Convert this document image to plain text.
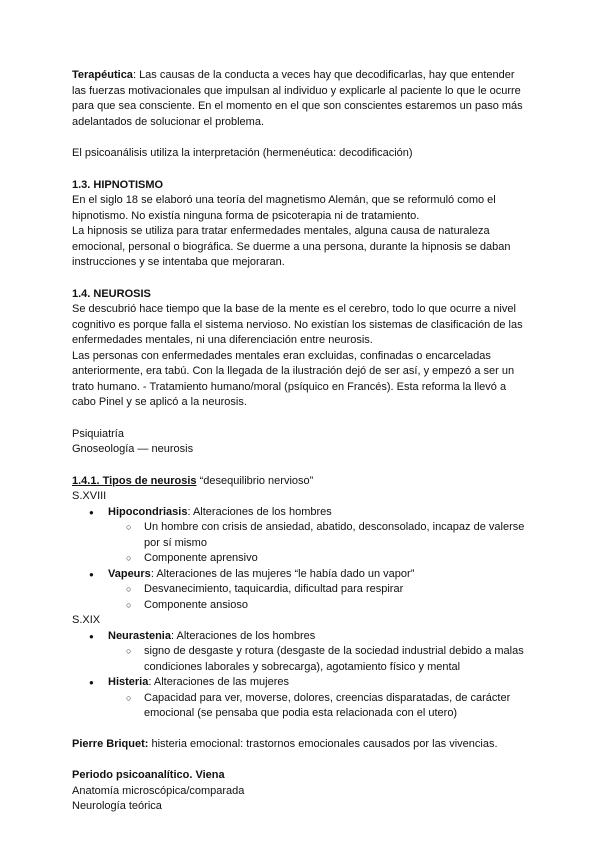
Terapéutica: Las causas de la conducta a veces hay que decodificarlas, hay que entender las fuerzas motivacionales que impulsan al individuo y explicarle al paciente lo que le ocurre para que sea consciente. En el momento en el que son conscientes estaremos un paso más adelantados de solucionar el problema.

El psicoanálisis utiliza la interpretación (hermenéutica: decodificación)

1.3. HIPNOTISMO

En el siglo 18 se elaboró una teoría del magnetismo Alemán, que se reformuló como el hipnotismo. No existía ninguna forma de psicoterapia ni de tratamiento.

La hipnosis se utiliza para tratar enfermedades mentales, alguna causa de naturaleza emocional, personal o biográfica. Se duerme a una persona, durante la hipnosis se daban instrucciones y se intentaba que mejoraran.

1.4. NEUROSIS

Se descubrió hace tiempo que la base de la mente es el cerebro, todo lo que ocurre a nivel cognitivo es porque falla el sistema nervioso. No existían los sistemas de clasificación de las enfermedades mentales, ni una diferenciación entre neurosis.

Las personas con enfermedades mentales eran excluidas, confinadas o encarceladas anteriormente, era tabú. Con la llegada de la ilustración dejó de ser así, y empezó a ser un trato humano. - Tratamiento humano/moral (psíquico en Francés). Esta reforma la llevó a cabo Pinel y se aplicó a la neurosis.

Psiquiatría

Gnoseología — neurosis

1.4.1. Tipos de neurosis “desequilibrio nervioso”

S.XVIII

● Hipocondriasis: Alteraciones de los hombres
○ Un hombre con crisis de ansiedad, abatido, desconsolado, incapaz de valerse por sí mismo
○ Componente aprensivo
● Vapeurs: Alteraciones de las mujeres “le había dado un vapor”
○ Desvanecimiento, taquicardia, dificultad para respirar
○ Componente ansioso

S.XIX

● Neurastenia: Alteraciones de los hombres
○ signo de desgaste y rotura (desgaste de la sociedad industrial debido a malas condiciones laborales y sobrecarga), agotamiento físico y mental
● Histeria: Alteraciones de las mujeres
○ Capacidad para ver, moverse, dolores, creencias disparatadas, de carácter emocional (se pensaba que podia esta relacionada con el utero)

Pierre Briquet: histeria emocional: trastornos emocionales causados por las vivencias.

Periodo psicoanalítico. Viena

Anatomía microscópica/comparada

Neurología teórica
